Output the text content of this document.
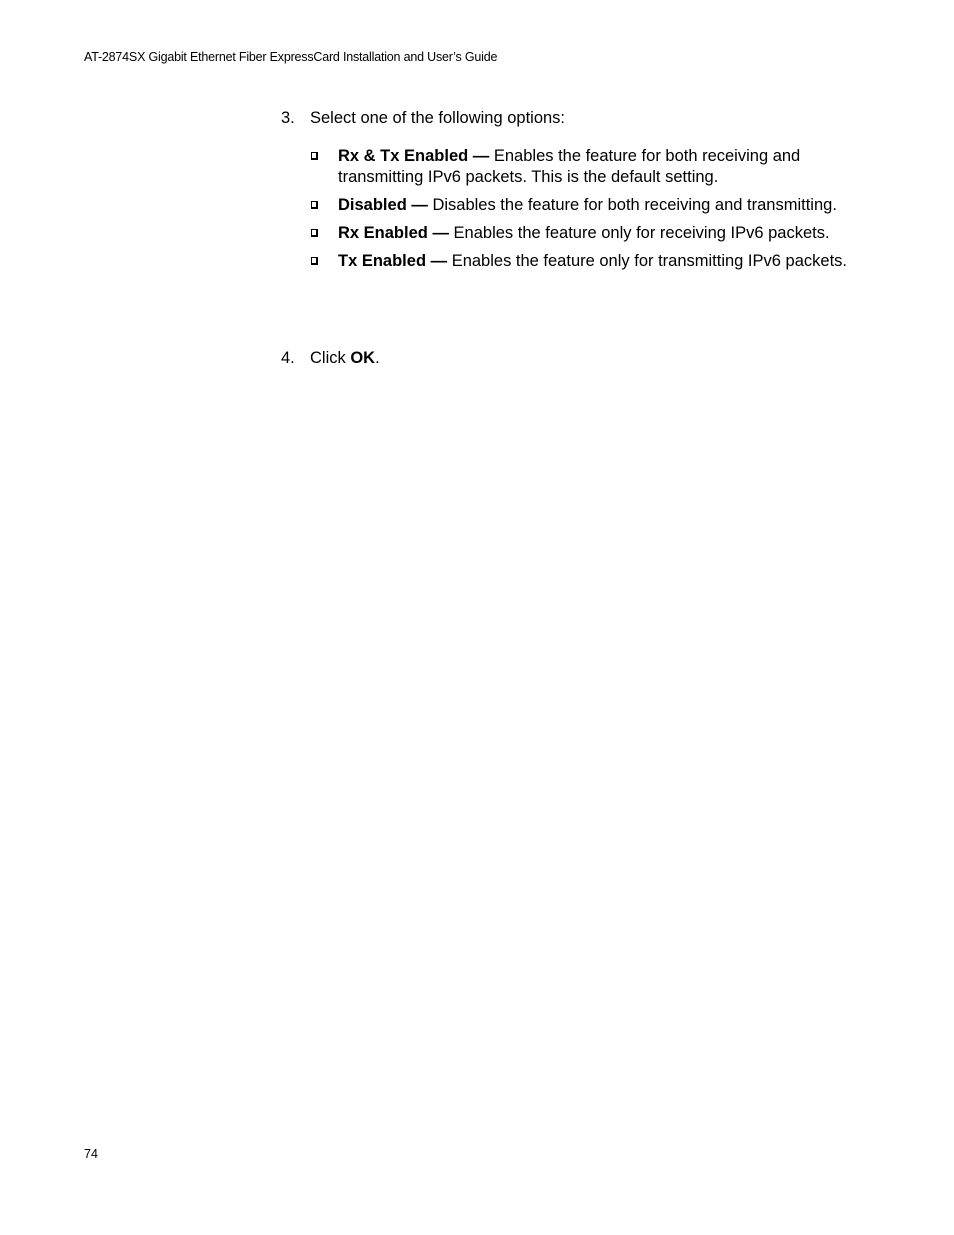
AT-2874SX Gigabit Ethernet Fiber ExpressCard Installation and User’s Guide
3. Select one of the following options:
Rx & Tx Enabled — Enables the feature for both receiving and transmitting IPv6 packets. This is the default setting.
Disabled — Disables the feature for both receiving and transmitting.
Rx Enabled — Enables the feature only for receiving IPv6 packets.
Tx Enabled — Enables the feature only for transmitting IPv6 packets.
4. Click OK.
74
